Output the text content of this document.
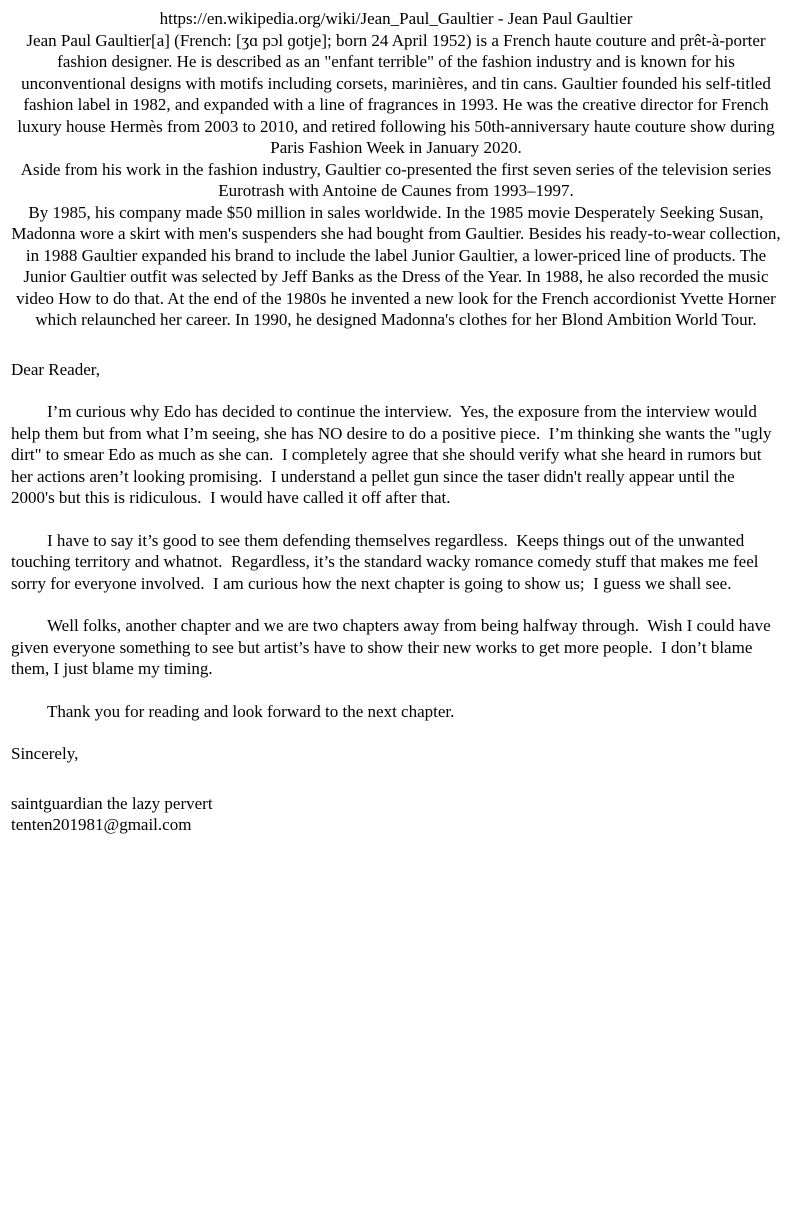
https://en.wikipedia.org/wiki/Jean_Paul_Gaultier - Jean Paul Gaultier

Jean Paul Gaultier[a] (French: [ʒɑ pɔl ɡotje]; born 24 April 1952) is a French haute couture and prêt-à-porter fashion designer. He is described as an "enfant terrible" of the fashion industry and is known for his unconventional designs with motifs including corsets, marinières, and tin cans. Gaultier founded his self-titled fashion label in 1982, and expanded with a line of fragrances in 1993. He was the creative director for French luxury house Hermès from 2003 to 2010, and retired following his 50th-anniversary haute couture show during Paris Fashion Week in January 2020.

Aside from his work in the fashion industry, Gaultier co-presented the first seven series of the television series Eurotrash with Antoine de Caunes from 1993–1997.

By 1985, his company made $50 million in sales worldwide. In the 1985 movie Desperately Seeking Susan, Madonna wore a skirt with men's suspenders she had bought from Gaultier. Besides his ready-to-wear collection, in 1988 Gaultier expanded his brand to include the label Junior Gaultier, a lower-priced line of products. The Junior Gaultier outfit was selected by Jeff Banks as the Dress of the Year. In 1988, he also recorded the music video How to do that. At the end of the 1980s he invented a new look for the French accordionist Yvette Horner which relaunched her career. In 1990, he designed Madonna's clothes for her Blond Ambition World Tour.

Dear Reader,

I’m curious why Edo has decided to continue the interview.  Yes, the exposure from the interview would help them but from what I’m seeing, she has NO desire to do a positive piece.  I’m thinking she wants the "ugly dirt" to smear Edo as much as she can.  I completely agree that she should verify what she heard in rumors but her actions aren’t looking promising.  I understand a pellet gun since the taser didn't really appear until the 2000's but this is ridiculous.  I would have called it off after that.

I have to say it’s good to see them defending themselves regardless.  Keeps things out of the unwanted touching territory and whatnot.  Regardless, it’s the standard wacky romance comedy stuff that makes me feel sorry for everyone involved.  I am curious how the next chapter is going to show us;  I guess we shall see.

Well folks, another chapter and we are two chapters away from being halfway through.  Wish I could have given everyone something to see but artist’s have to show their new works to get more people.  I don’t blame them, I just blame my timing.

Thank you for reading and look forward to the next chapter.

Sincerely,

saintguardian the lazy pervert

tenten201981@gmail.com
